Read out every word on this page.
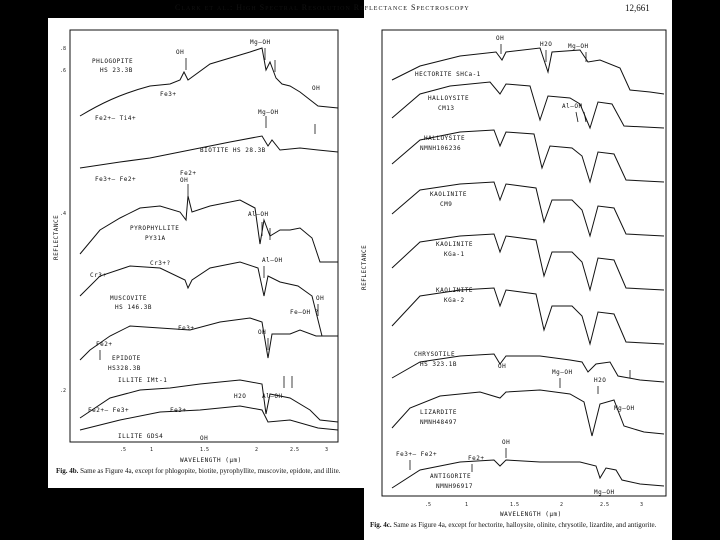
Clark et al.: High Spectral Resolution Reflectance Spectroscopy	12,661
REFLECTANCE
WAVELENGTH (µm)
.5	1	1.5	2	2.5	3
.8
.6
.4
.2
PHLOGOPITE
HS 23.3B
BIOTITE HS 28.3B
PYROPHYLLITE
PY31A
MUSCOVITE
HS 146.3B
EPIDOTE
HS328.3B
ILLITE IMt-1
ILLITE GDS4
OH
Mg–OH
Fe3+
Fe2+– Ti4+
Mg–OH
OH
Fe3+– Fe2+	OH
Fe2+
Al–OH
Cr3+
Cr3+?	Al–OH
OH
Fe–OH ?
Fe3+
Fe2+
OH
Fe2+– Fe3+	Fe3+
H2O	Al–OH
OH
REFLECTANCE
WAVELENGTH (µm)
.5	1	1.5	2	2.5	3
HECTORITE SHCa-1
HALLOYSITE
CM13
HALLOYSITE
NMNH106236
KAOLINITE
CM9
KAOLINITE
KGa-1
KAOLINITE
KGa-2
CHRYSOTILE
HS 323.1B
LIZARDITE
NMNH48497
ANTIGORITE
NMNH96917
OH
H2O	Mg–OH
Al–OH
OH
Mg–OH
H2O
Mg–OH
Fe3+– Fe2+
Fe2+
OH
Mg–OH
Fig. 4b. Same as Figure 4a, except for phlogopite, biotite, pyrophyllite, muscovite, epidote, and illite.
Fig. 4c. Same as Figure 4a, except for hectorite, halloysite, olinite, chrysotile, lizardite, and antigorite.
